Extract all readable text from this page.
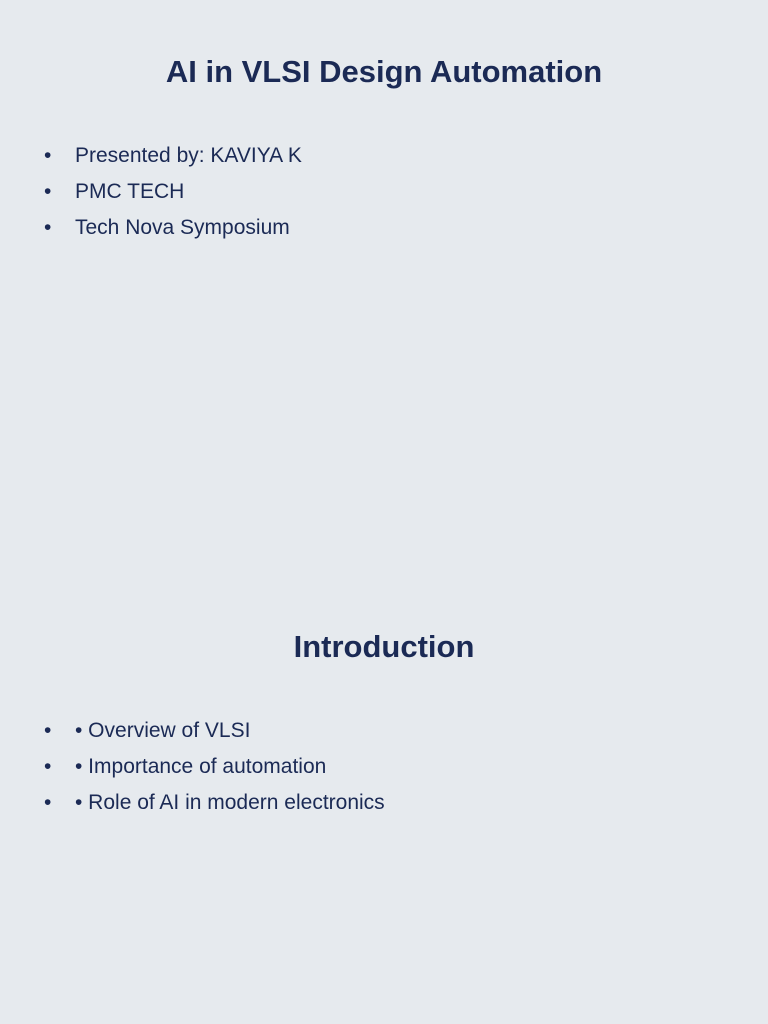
AI in VLSI Design Automation
• Presented by: KAVIYA K
• PMC TECH
• Tech Nova Symposium
Introduction
• • Overview of VLSI
• • Importance of automation
• • Role of AI in modern electronics
